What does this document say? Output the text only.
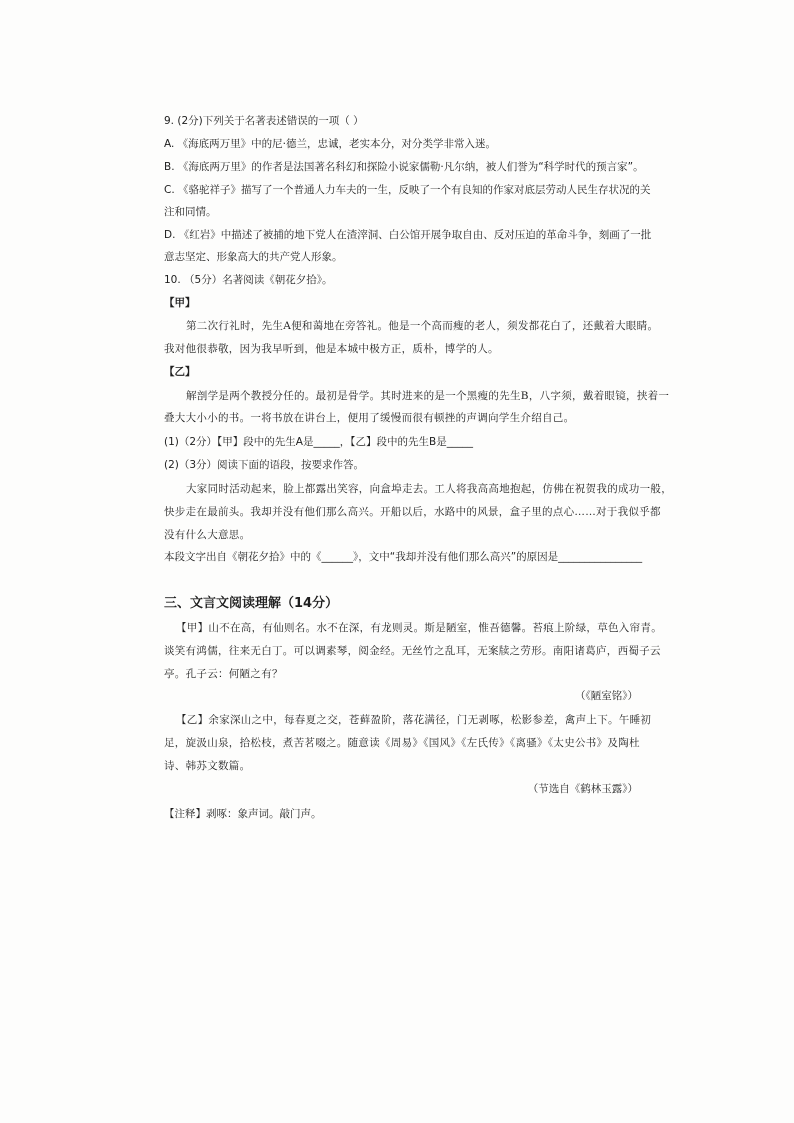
9. (2分)下列关于名著表述错误的一项（ ）
A. 《海底两万里》中的尼·德兰，忠诚，老实本分，对分类学非常入迷。
B. 《海底两万里》的作者是法国著名科幻和探险小说家儒勒·凡尔纳，被人们誉为“科学时代的预言家”。
C. 《骆驼祥子》描写了一个普通人力车夫的一生，反映了一个有良知的作家对底层劳动人民生存状况的关
注和同情。
D. 《红岩》中描述了被捕的地下党人在渣滓洞、白公馆开展争取自由、反对压迫的革命斗争，刻画了一批
意志坚定、形象高大的共产党人形象。
10. （5分）名著阅读《朝花夕拾》。
【甲】
第二次行礼时，先生A便和蔼地在旁答礼。他是一个高而瘦的老人，须发都花白了，还戴着大眼睛。
我对他很恭敬，因为我早听到，他是本城中极方正，质朴，博学的人。
【乙】
解剖学是两个教授分任的。最初是骨学。其时进来的是一个黑瘦的先生B，八字须，戴着眼镜，挟着一
叠大大小小的书。一将书放在讲台上，便用了缓慢而很有顿挫的声调向学生介绍自己。
(1)（2分）【甲】段中的先生A是_____，【乙】段中的先生B是_____
(2)（3分）阅读下面的语段，按要求作答。
大家同时活动起来，脸上都露出笑容，向盒埠走去。工人将我高高地抱起，仿佛在祝贺我的成功一般，
快步走在最前头。我却并没有他们那么高兴。开船以后，水路中的风景，盒子里的点心……对于我似乎都
没有什么大意思。
本段文字出自《朝花夕拾》中的《______》，文中“我却并没有他们那么高兴”的原因是________________
三、文言文阅读理解（14分）
【甲】山不在高，有仙则名。水不在深，有龙则灵。斯是陋室，惟吾德馨。苔痕上阶绿，草色入帘青。
谈笑有鸿儒，往来无白丁。可以调素琴，阅金经。无丝竹之乱耳，无案牍之劳形。南阳诸葛庐，西蜀子云
亭。孔子云：何陋之有？
（《陋室铭》）
【乙】余家深山之中，每春夏之交，苍藓盈阶，落花满径，门无剥啄，松影参差，禽声上下。午睡初
足，旋汲山泉，拾松枝，煮苦茗啜之。随意读《周易》《国风》《左氏传》《离骚》《太史公书》及陶杜
诗、韩苏文数篇。
（节选自《鹤林玉露》）
【注释】剥啄：象声词。敲门声。
